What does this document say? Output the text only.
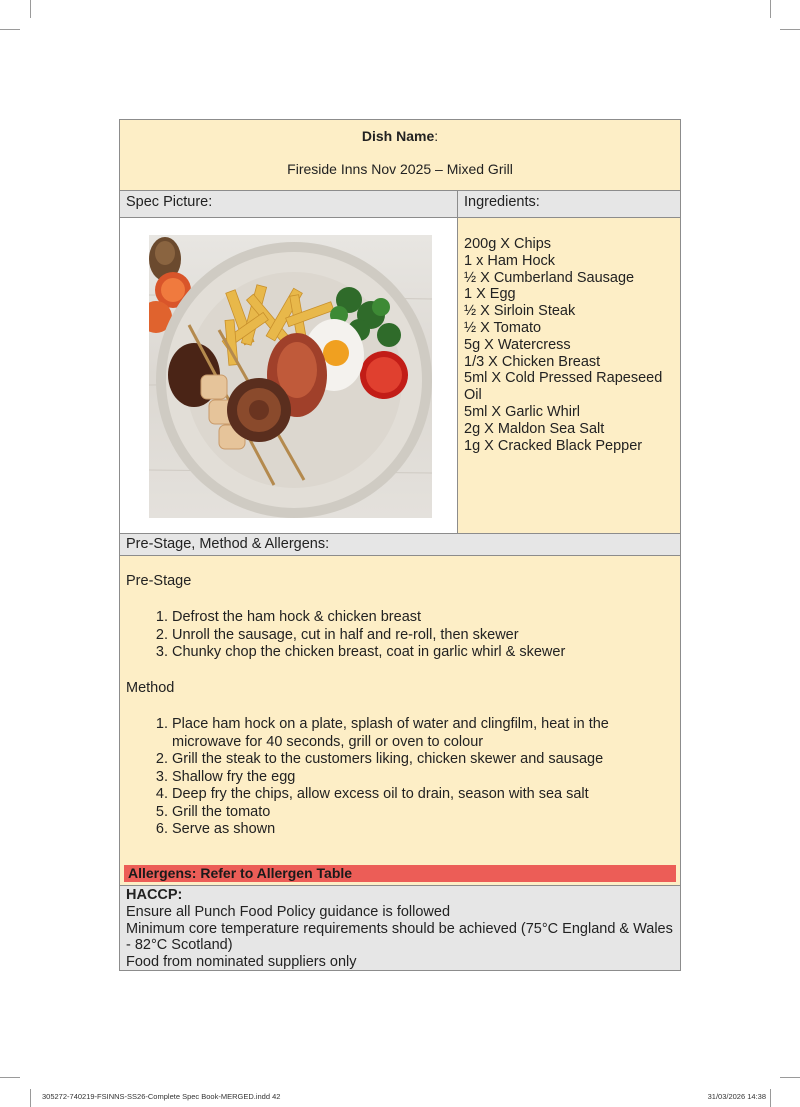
Dish Name:
Fireside Inns Nov 2025 – Mixed Grill
Spec Picture:	Ingredients:
200g X Chips
1 x Ham Hock
½ X Cumberland Sausage
1 X Egg
½ X Sirloin Steak
½ X Tomato
5g X Watercress
1/3 X Chicken Breast
5ml X Cold Pressed Rapeseed Oil
5ml X Garlic Whirl
2g X Maldon Sea Salt
1g X Cracked Black Pepper
Pre-Stage, Method & Allergens:
Pre-Stage
1. Defrost the ham hock & chicken breast
2. Unroll the sausage, cut in half and re-roll, then skewer
3. Chunky chop the chicken breast, coat in garlic whirl & skewer
Method
1. Place ham hock on a plate, splash of water and clingfilm, heat in the microwave for 40 seconds, grill or oven to colour
2. Grill the steak to the customers liking, chicken skewer and sausage
3. Shallow fry the egg
4. Deep fry the chips, allow excess oil to drain, season with sea salt
5. Grill the tomato
6. Serve as shown
Allergens: Refer to Allergen Table
HACCP:
Ensure all Punch Food Policy guidance is followed
Minimum core temperature requirements should be achieved (75°C England & Wales - 82°C Scotland)
Food from nominated suppliers only
305272-740219-FSINNS-SS26-Complete Spec Book-MERGED.indd 42	31/03/2026 14:38
